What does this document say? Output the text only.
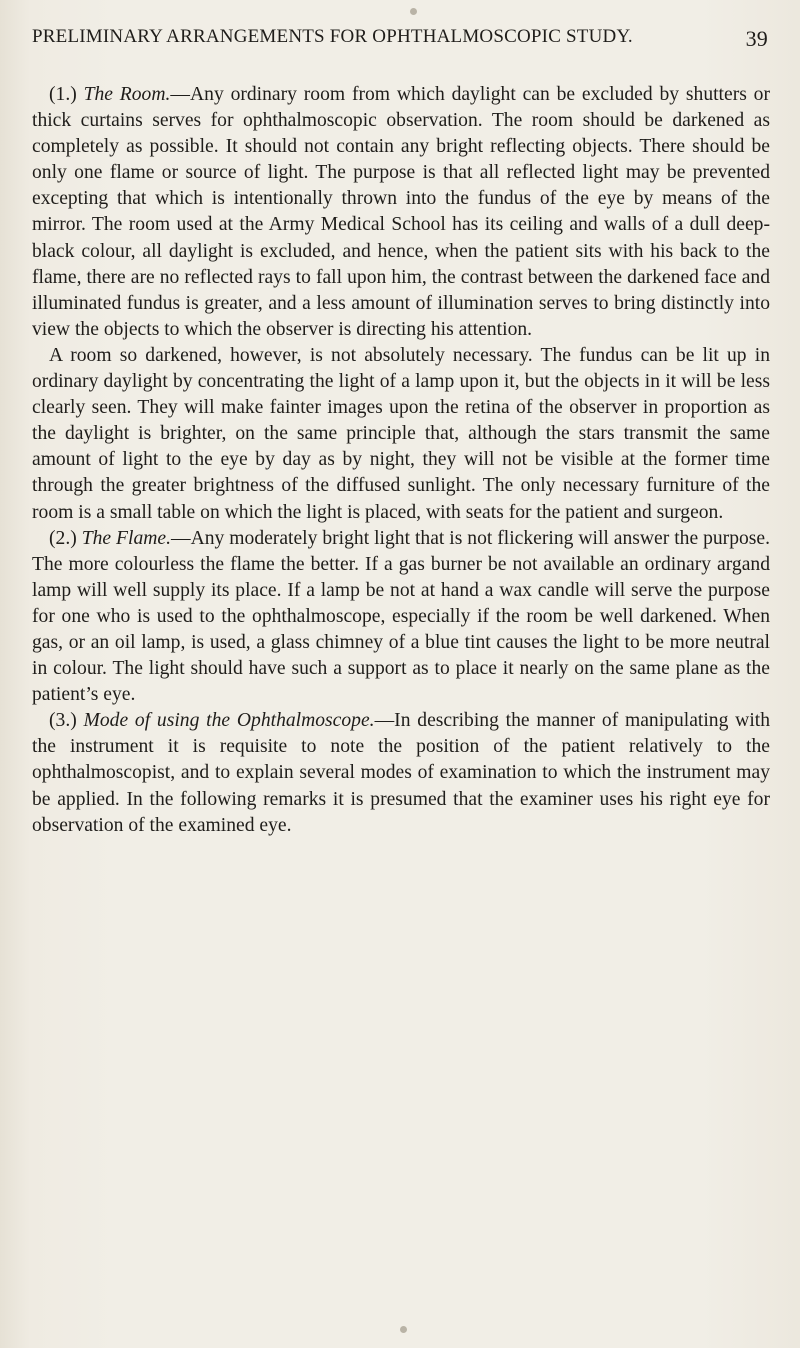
PRELIMINARY ARRANGEMENTS FOR OPHTHALMOSCOPIC STUDY.	39

(1.) The Room.—Any ordinary room from which daylight can be excluded by shutters or thick curtains serves for ophthalmoscopic observation. The room should be darkened as completely as possible. It should not contain any bright reflecting objects. There should be only one flame or source of light. The purpose is that all reflected light may be prevented excepting that which is intentionally thrown into the fundus of the eye by means of the mirror. The room used at the Army Medical School has its ceiling and walls of a dull deep-black colour, all daylight is excluded, and hence, when the patient sits with his back to the flame, there are no reflected rays to fall upon him, the contrast between the darkened face and illuminated fundus is greater, and a less amount of illumination serves to bring distinctly into view the objects to which the observer is directing his attention.

A room so darkened, however, is not absolutely necessary. The fundus can be lit up in ordinary daylight by concentrating the light of a lamp upon it, but the objects in it will be less clearly seen. They will make fainter images upon the retina of the observer in proportion as the daylight is brighter, on the same principle that, although the stars transmit the same amount of light to the eye by day as by night, they will not be visible at the former time through the greater brightness of the diffused sunlight. The only necessary furniture of the room is a small table on which the light is placed, with seats for the patient and surgeon.

(2.) The Flame.—Any moderately bright light that is not flickering will answer the purpose. The more colourless the flame the better. If a gas burner be not available an ordinary argand lamp will well supply its place. If a lamp be not at hand a wax candle will serve the purpose for one who is used to the ophthalmoscope, especially if the room be well darkened. When gas, or an oil lamp, is used, a glass chimney of a blue tint causes the light to be more neutral in colour. The light should have such a support as to place it nearly on the same plane as the patient’s eye.

(3.) Mode of using the Ophthalmoscope.—In describing the manner of manipulating with the instrument it is requisite to note the position of the patient relatively to the ophthalmoscopist, and to explain several modes of examination to which the instrument may be applied. In the following remarks it is presumed that the examiner uses his right eye for observation of the examined eye.
